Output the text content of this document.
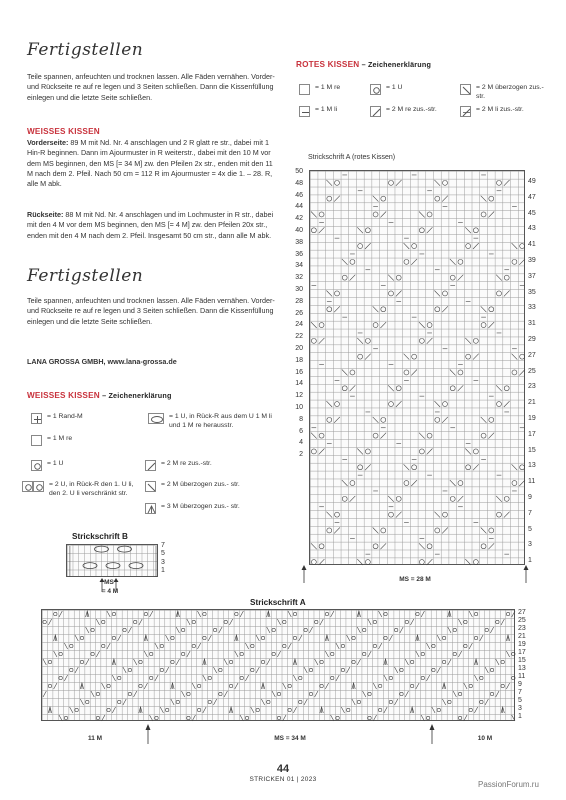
Fertigstellen
Teile spannen, anfeuchten und trocknen lassen. Alle Fäden vernähen. Vorder- und Rückseite re auf re legen und 3 Seiten schließen. Dann die Kissenfüllung einlegen und die letzte Seite schließen.
WEISSES KISSEN
Vorderseite: 89 M mit Nd. Nr. 4 anschlagen und 2 R glatt re str., dabei mit 1 Hin-R beginnen. Dann im Ajourmuster in R weiterstr., dabei mit den 10 M vor dem MS beginnen, den MS [= 34 M] zw. den Pfeilen 2x str., enden mit den 11 M nach dem 2. Pfeil. Nach 50 cm = 112 R im Ajourmuster = 4x die 1. – 28. R, alle M abk.
Rückseite: 88 M mit Nd. Nr. 4 anschlagen und im Lochmuster in R str., dabei mit den 4 M vor dem MS beginnen, den MS [= 4 M] zw. den Pfeilen 20x str., enden mit den 4 M nach dem 2. Pfeil. Insgesamt 50 cm str., dann alle M abk.
Fertigstellen
Teile spannen, anfeuchten und trocknen lassen. Alle Fäden vernähen. Vorder- und Rückseite re auf re legen und 3 Seiten schließen. Dann die Kissenfüllung einlegen und die letzte Seite schließen.
LANA GROSSA GMBH, www.lana-grossa.de
WEISSES KISSEN – Zeichenerklärung
= 1 Rand-M	= 1 U, in Rück-R aus dem U 1 M li und 1 M re herausstr.
= 1 M re
= 1 U	= 2 M re zus.-str.
= 2 U, in Rück-R den 1. U li, den 2. U li verschränkt str.
= 2 M überzogen zus.- str.
= 3 M überzogen zus.- str.
Strickschrift B
7
5
3
1
MS
= 4 M
ROTES KISSEN – Zeichenerklärung
= 1 M re	= 1 U	= 2 M überzogen zus.- str.
= 1 M li	= 2 M re zus.-str.	= 2 M li zus.-str.
Strickschrift A (rotes Kissen)
50
48
46
44
42
40
38
36
34
32
30
28
26
24
22
20
18
16
14
12
10
8
6
4
2
49
47
45
43
41
39
37
35
33
31
29
27
25
23
21
19
17
15
13
11
9
7
5
3
1
MS = 28 M
Strickschrift A
27
25
23
21
19
17
15
13
11
9
7
5
3
1
11 M	MS = 34 M	10 M
44
STRICKEN 01 | 2023
PassionForum.ru
